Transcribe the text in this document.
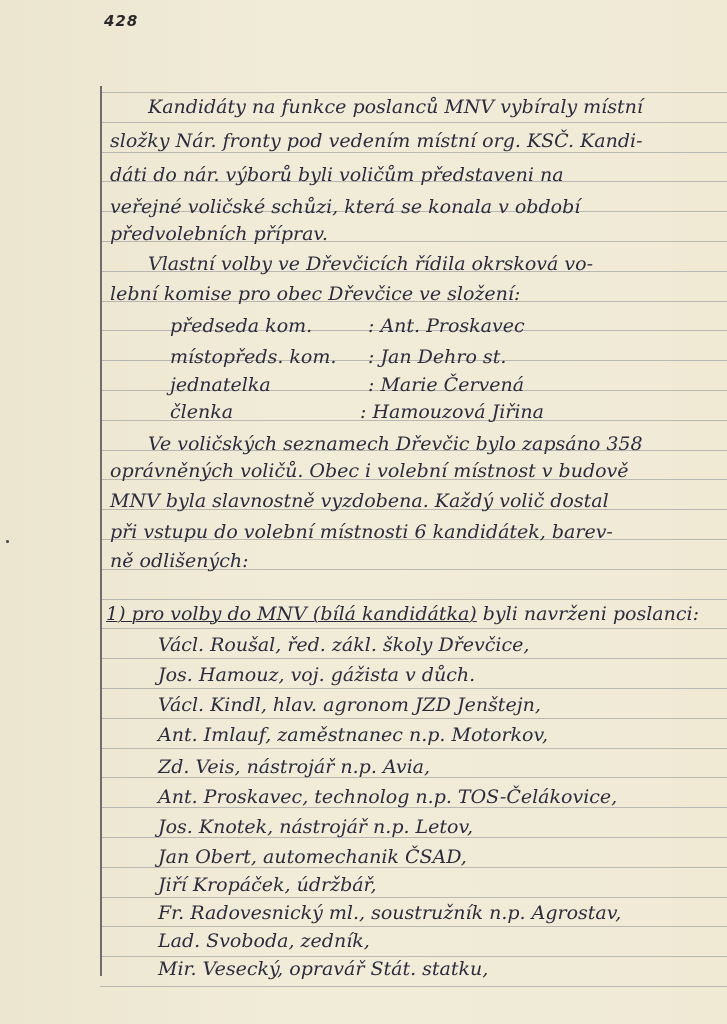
428
Kandidáty na funkce poslanců MNV vybíraly místní
složky Nár. fronty pod vedením místní org. KSČ. Kandi-
dáti do nár. výborů byli voličům představeni na
veřejné voličské schůzi, která se konala v období
předvolebních příprav.
Vlastní volby ve Dřevčicích řídila okrsková vo-
lební komise pro obec Dřevčice ve složení:
předseda kom.	: Ant. Proskavec
místopředs. kom. : Jan Dehro st.
jednatelka	: Marie Červená
členka	: Hamouzová Jiřina
Ve voličských seznamech Dřevčic bylo zapsáno 358
oprávněných voličů. Obec i volební místnost v budově
MNV byla slavnostně vyzdobena. Každý volič dostal
při vstupu do volební místnosti 6 kandidátek, barev-
ně odlišených:
1) pro volby do MNV (bílá kandidátka) byli navrženi poslanci:
Václ. Roušal, řed. zákl. školy Dřevčice,
Jos. Hamouz, voj. gážista v důch.
Václ. Kindl, hlav. agronom JZD Jenštejn,
Ant. Imlauf, zaměstnanec n.p. Motorkov,
Zd. Veis, nástrojář n.p. Avia,
Ant. Proskavec, technolog n.p. TOS-Čelákovice,
Jos. Knotek, nástrojář n.p. Letov,
Jan Obert, automechanik ČSAD,
Jiří Kropáček, údržbář,
Fr. Radovesnický ml., soustružník n.p. Agrostav,
Lad. Svoboda, zedník,
Mir. Vesecký, opravář Stát. statku,
